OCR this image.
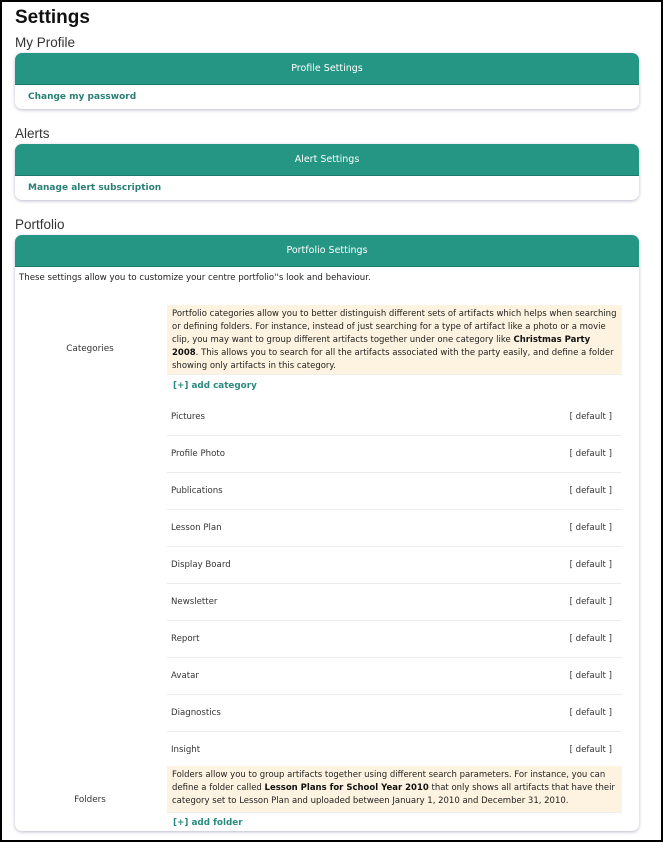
Settings
My Profile
Profile Settings
Change my password
Alerts
Alert Settings
Manage alert subscription
Portfolio
Portfolio Settings
These settings allow you to customize your centre portfolio''s look and behaviour.
Categories
Portfolio categories allow you to better distinguish different sets of artifacts which helps when searching or defining folders. For instance, instead of just searching for a type of artifact like a photo or a movie clip, you may want to group different artifacts together under one category like Christmas Party 2008. This allows you to search for all the artifacts associated with the party easily, and define a folder showing only artifacts in this category.
[+] add category
Pictures	[ default ]
Profile Photo	[ default ]
Publications	[ default ]
Lesson Plan	[ default ]
Display Board	[ default ]
Newsletter	[ default ]
Report	[ default ]
Avatar	[ default ]
Diagnostics	[ default ]
Insight	[ default ]
Folders
Folders allow you to group artifacts together using different search parameters. For instance, you can define a folder called Lesson Plans for School Year 2010 that only shows all artifacts that have their category set to Lesson Plan and uploaded between January 1, 2010 and December 31, 2010.
[+] add folder
